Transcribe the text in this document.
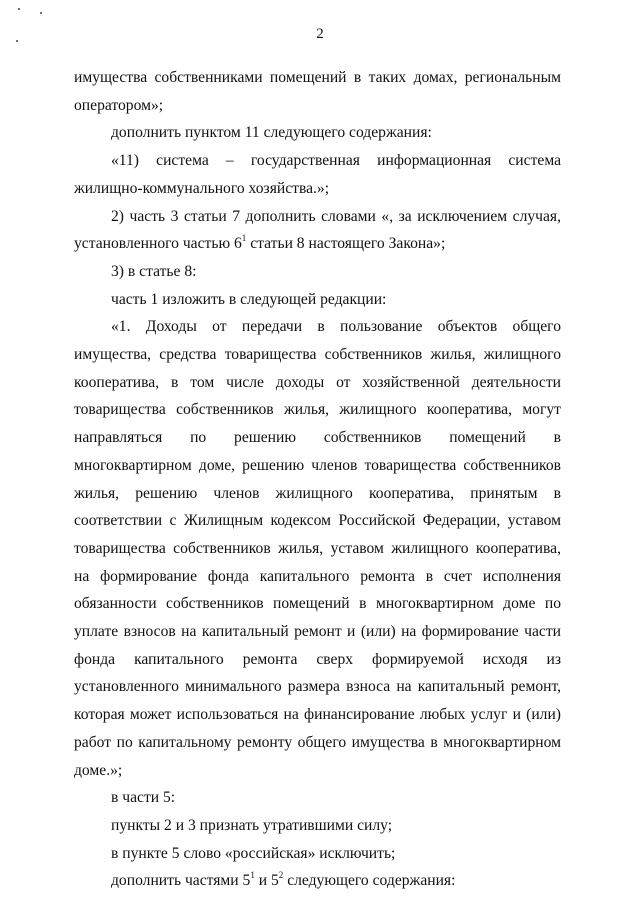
2

имущества собственниками помещений в таких домах, региональным оператором»;

дополнить пунктом 11 следующего содержания:

«11) система – государственная информационная система жилищно-коммунального хозяйства.»;

2) часть 3 статьи 7 дополнить словами «, за исключением случая, установленного частью $6^1$ статьи 8 настоящего Закона»;

3) в статье 8:

часть 1 изложить в следующей редакции:

«1. Доходы от передачи в пользование объектов общего имущества, средства товарищества собственников жилья, жилищного кооператива, в том числе доходы от хозяйственной деятельности товарищества собственников жилья, жилищного кооператива, могут направляться по решению собственников помещений в многоквартирном доме, решению членов товарищества собственников жилья, решению членов жилищного кооператива, принятым в соответствии с Жилищным кодексом Российской Федерации, уставом товарищества собственников жилья, уставом жилищного кооператива, на формирование фонда капитального ремонта в счет исполнения обязанности собственников помещений в многоквартирном доме по уплате взносов на капитальный ремонт и (или) на формирование части фонда капитального ремонта сверх формируемой исходя из установленного минимального размера взноса на капитальный ремонт, которая может использоваться на финансирование любых услуг и (или) работ по капитальному ремонту общего имущества в многоквартирном доме.»;

в части 5:

пункты 2 и 3 признать утратившими силу;

в пункте 5 слово «российская» исключить;

дополнить частями $5^1$ и $5^2$ следующего содержания:
